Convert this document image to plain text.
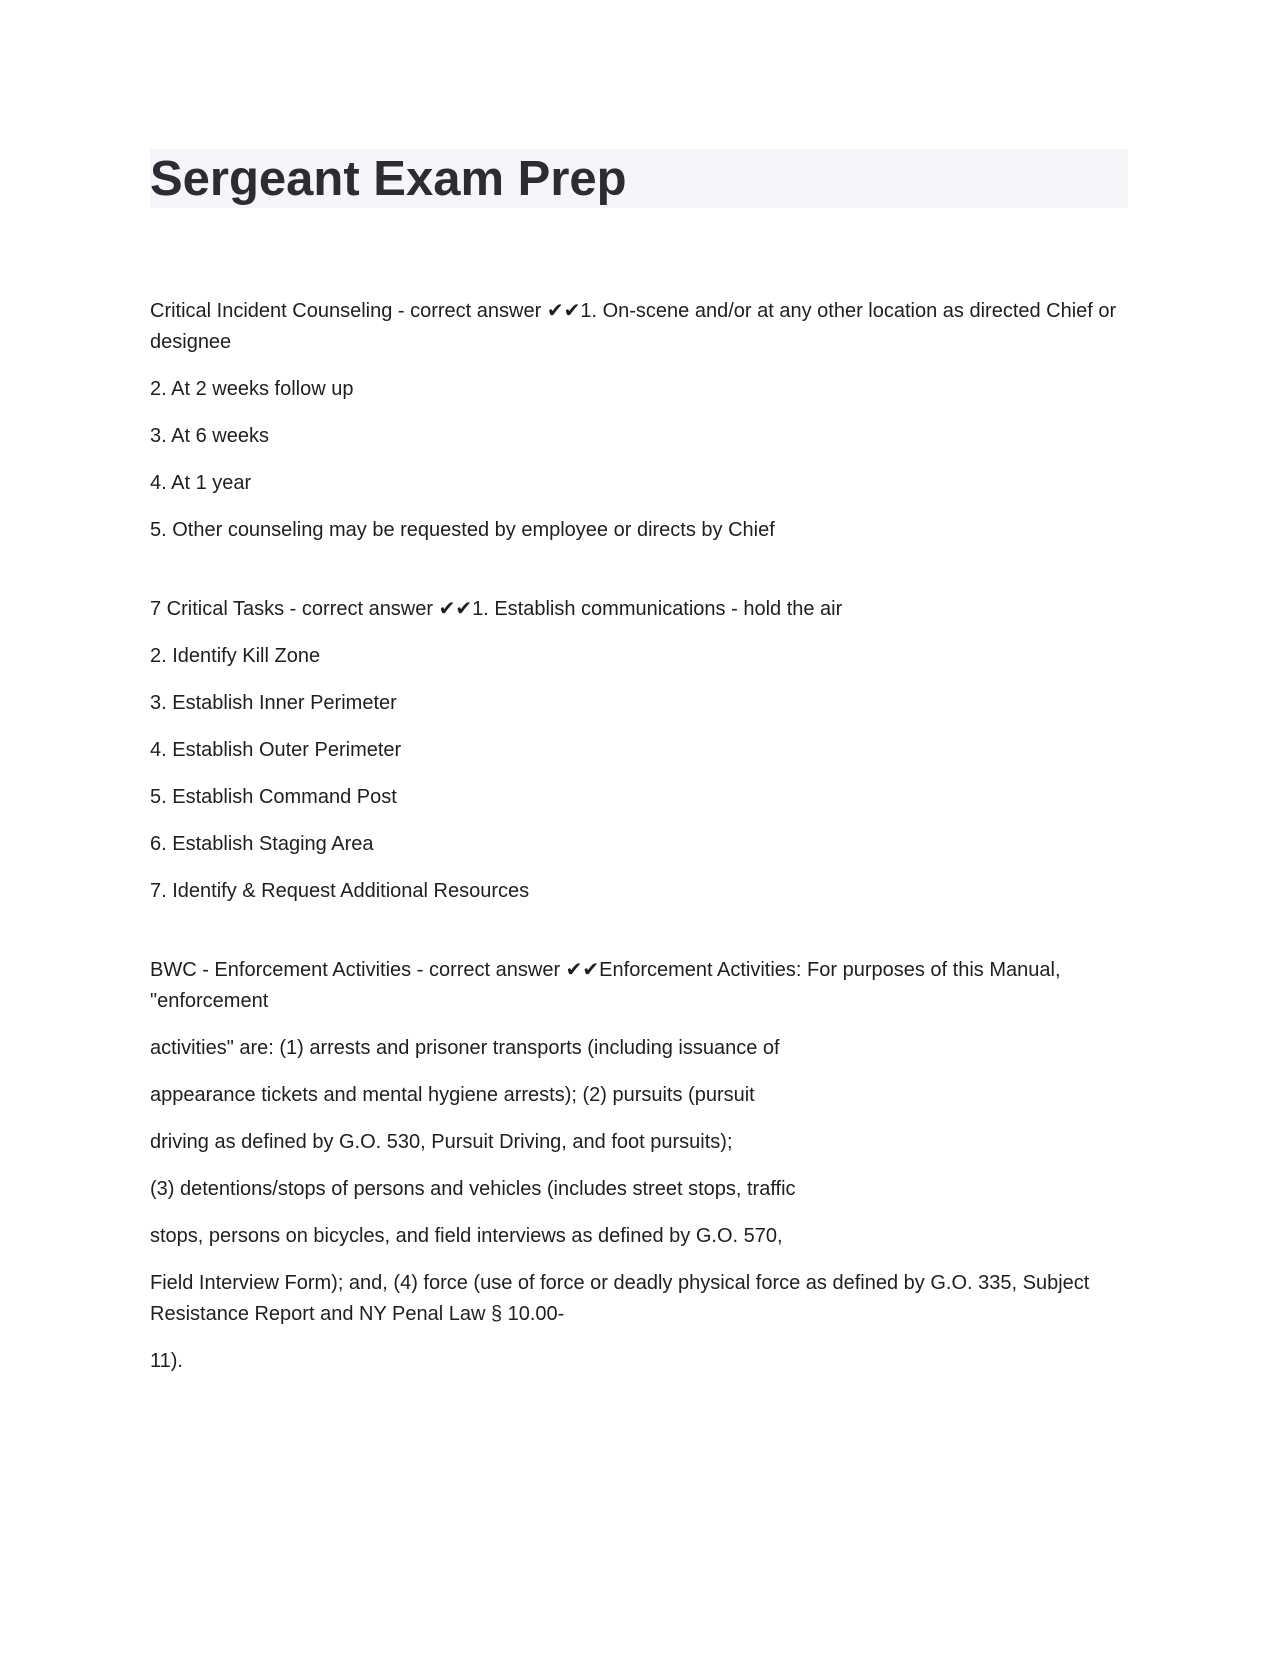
Sergeant Exam Prep

Critical Incident Counseling - correct answer ✔✔1. On-scene and/or at any other location as directed Chief or designee

2. At 2 weeks follow up

3. At 6 weeks

4. At 1 year

5. Other counseling may be requested by employee or directs by Chief

7 Critical Tasks - correct answer ✔✔1. Establish communications - hold the air

2. Identify Kill Zone

3. Establish Inner Perimeter

4. Establish Outer Perimeter

5. Establish Command Post

6. Establish Staging Area

7. Identify & Request Additional Resources

BWC - Enforcement Activities - correct answer ✔✔Enforcement Activities: For purposes of this Manual, "enforcement

activities" are: (1) arrests and prisoner transports (including issuance of

appearance tickets and mental hygiene arrests); (2) pursuits (pursuit

driving as defined by G.O. 530, Pursuit Driving, and foot pursuits);

(3) detentions/stops of persons and vehicles (includes street stops, traffic

stops, persons on bicycles, and field interviews as defined by G.O. 570,

Field Interview Form); and, (4) force (use of force or deadly physical force as defined by G.O. 335, Subject Resistance Report and NY Penal Law § 10.00-

11).
